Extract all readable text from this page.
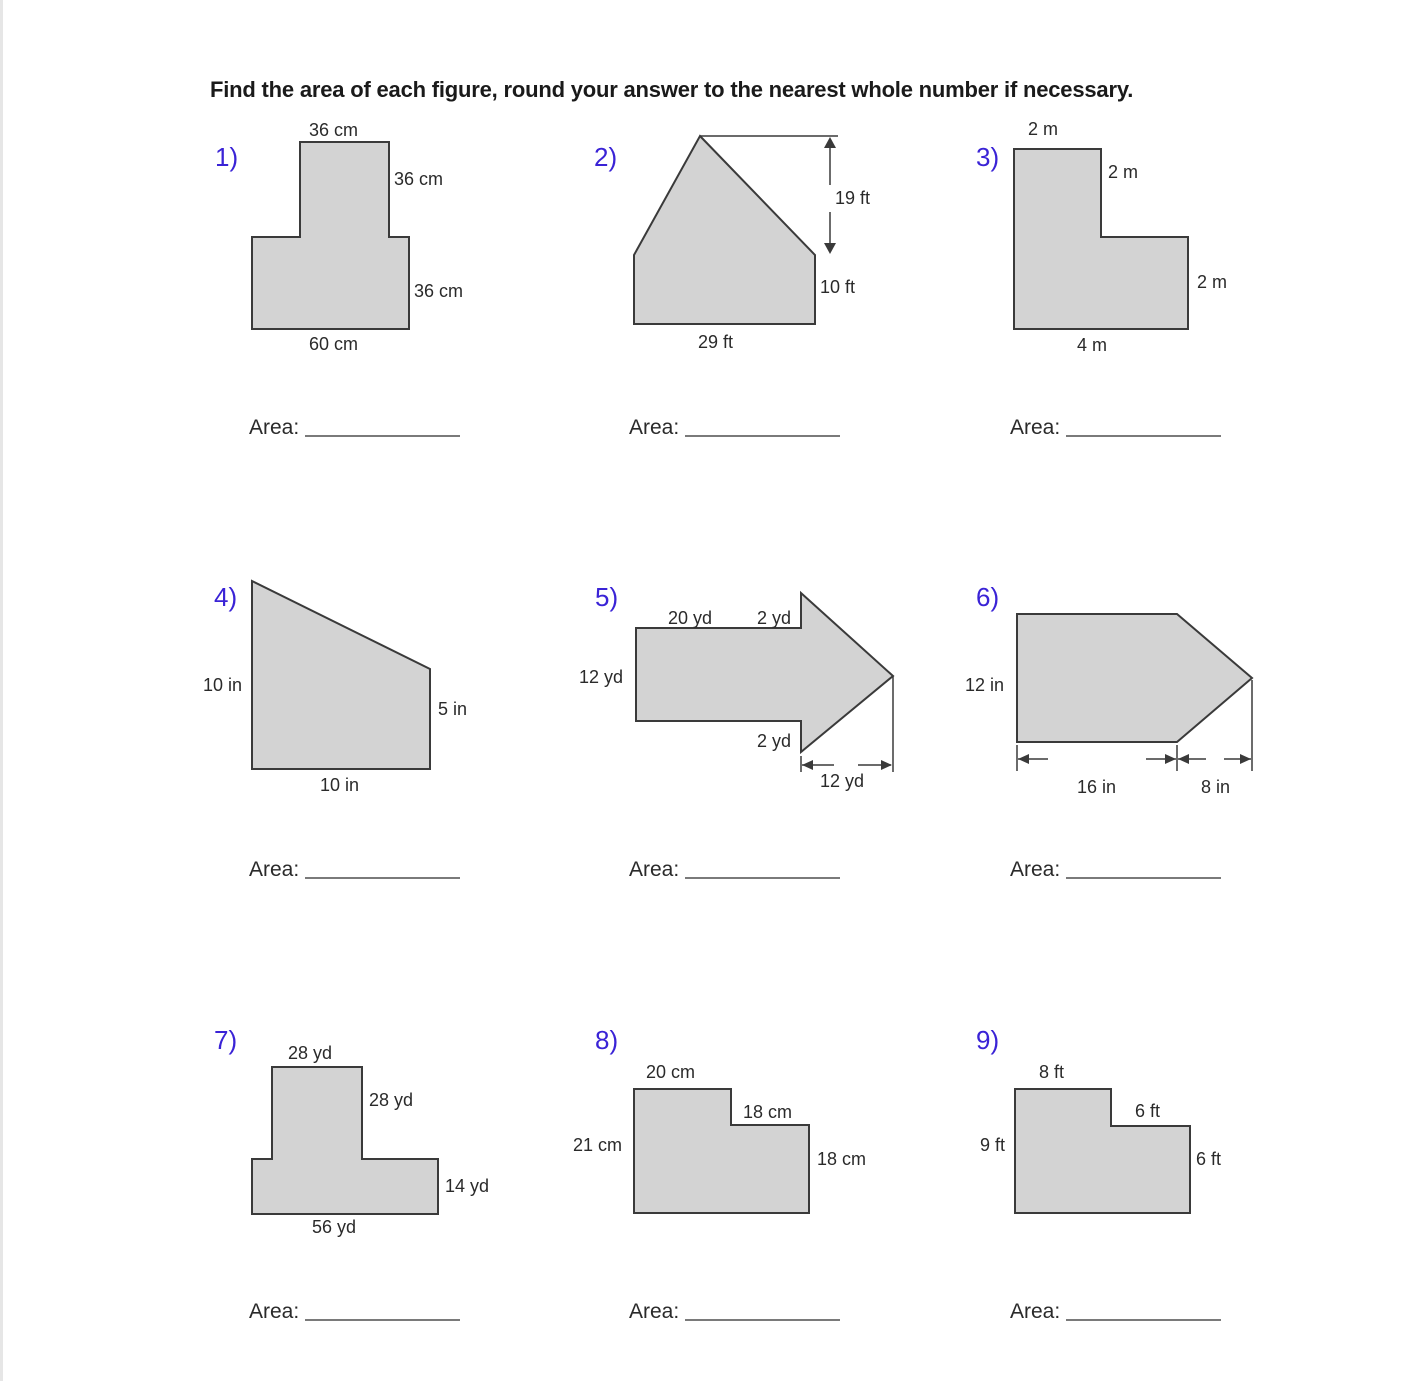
Find the area of each figure, round your answer to the nearest whole number if necessary.
1)
36 cm
36 cm
36 cm
60 cm
Area:
2)
19 ft
10 ft
29 ft
Area:
3)
2 m
2 m
2 m
4 m
Area:
4)
10 in
5 in
10 in
Area:
5)
20 yd 2 yd
12 yd
2 yd
12 yd
Area:
6)
12 in
16 in	8 in
Area:
7)	28 yd
28 yd
14 yd
56 yd
Area:
8)
20 cm
18 cm
21 cm
18 cm
Area:
9)
8 ft
6 ft
9 ft
6 ft
Area:
